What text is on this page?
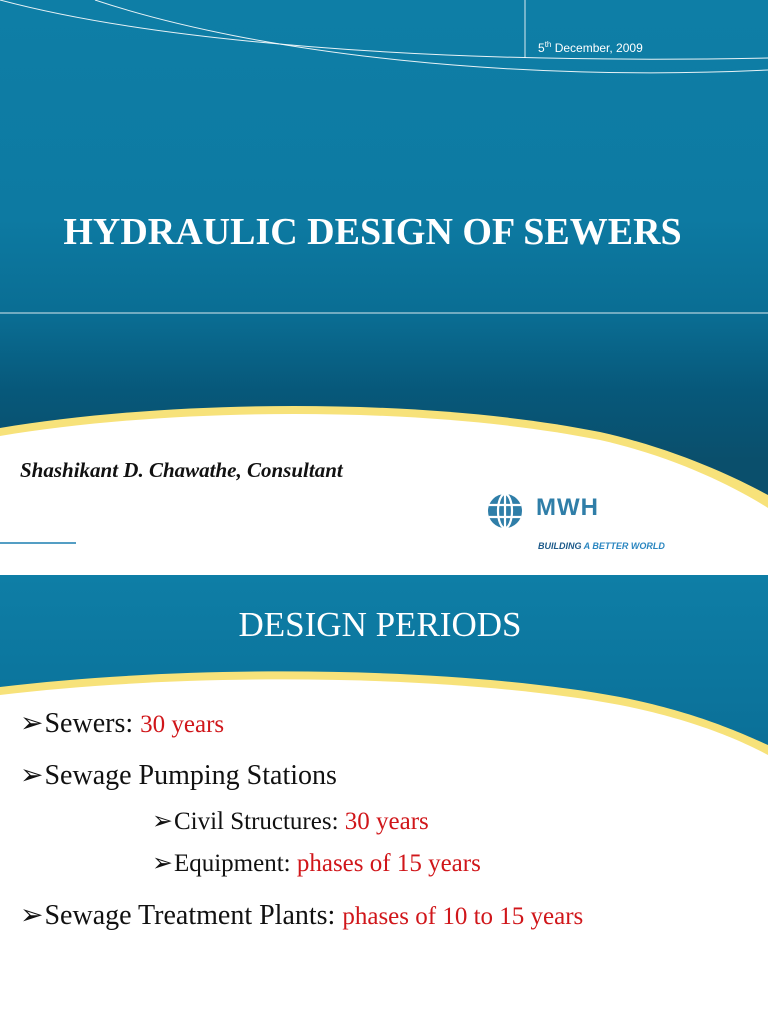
5th December, 2009
HYDRAULIC DESIGN OF SEWERS
Shashikant D. Chawathe, Consultant
MWH
BUILDING A BETTER WORLD
DESIGN PERIODS
➢Sewers: 30 years
➢Sewage Pumping Stations
➢Civil Structures: 30 years
➢Equipment: phases of 15 years
➢Sewage Treatment Plants: phases of 10 to 15 years
